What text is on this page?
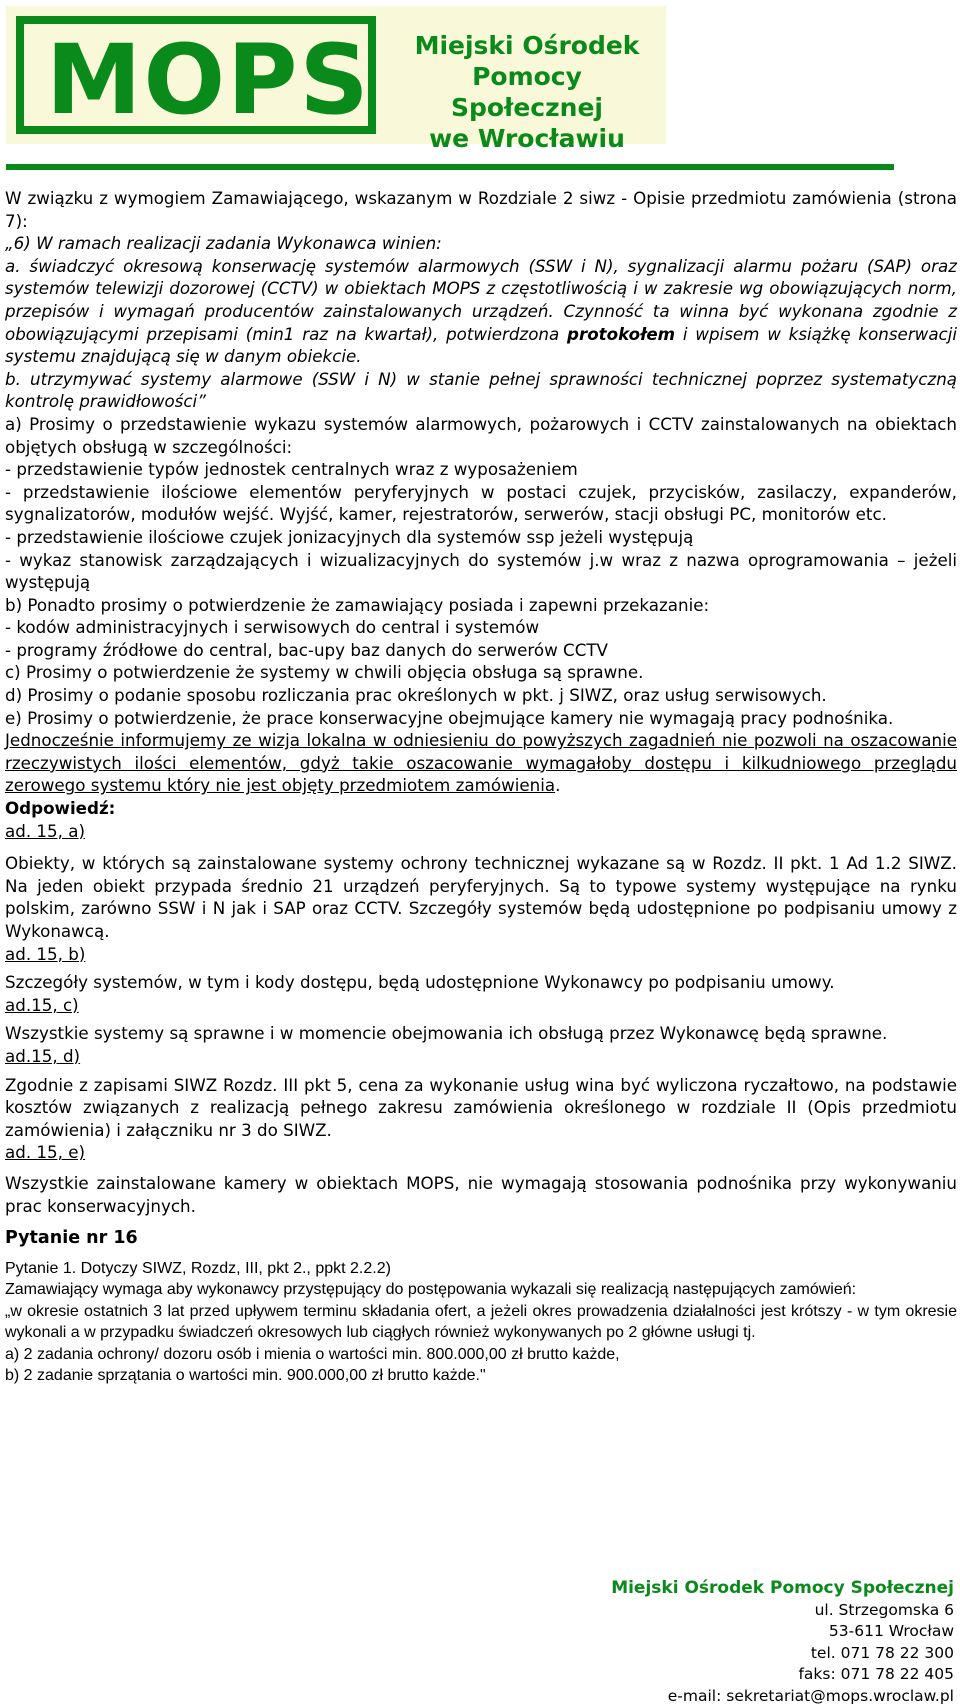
MOPS	Miejski Ośrodek
Pomocy Społecznej
we Wrocławiu

W związku z wymogiem Zamawiającego, wskazanym w Rozdziale 2 siwz - Opisie przedmiotu zamówienia (strona 7):

„6) W ramach realizacji zadania Wykonawca winien:

a. świadczyć okresową konserwację systemów alarmowych (SSW i N), sygnalizacji alarmu pożaru (SAP) oraz systemów telewizji dozorowej (CCTV) w obiektach MOPS z częstotliwością i w zakresie wg obowiązujących norm, przepisów i wymagań producentów zainstalowanych urządzeń. Czynność ta winna być wykonana zgodnie z obowiązującymi przepisami (min1 raz na kwartał), potwierdzona protokołem i wpisem w książkę konserwacji systemu znajdującą się w danym obiekcie.

b. utrzymywać systemy alarmowe (SSW i N) w stanie pełnej sprawności technicznej poprzez systematyczną kontrolę prawidłowości”

a) Prosimy o przedstawienie wykazu systemów alarmowych, pożarowych i CCTV zainstalowanych na obiektach objętych obsługą w szczególności:

- przedstawienie typów jednostek centralnych wraz z wyposażeniem

- przedstawienie ilościowe elementów peryferyjnych w postaci czujek, przycisków, zasilaczy, expanderów, sygnalizatorów, modułów wejść. Wyjść, kamer, rejestratorów, serwerów, stacji obsługi PC, monitorów etc.

- przedstawienie ilościowe czujek jonizacyjnych dla systemów ssp jeżeli występują

- wykaz stanowisk zarządzających i wizualizacyjnych do systemów j.w wraz z nazwa oprogramowania – jeżeli występują

b) Ponadto prosimy o potwierdzenie że zamawiający posiada i zapewni przekazanie:

- kodów administracyjnych i serwisowych do central i systemów

- programy źródłowe do central, bac-upy baz danych do serwerów CCTV

c) Prosimy o potwierdzenie że systemy w chwili objęcia obsługa są sprawne.

d) Prosimy o podanie sposobu rozliczania prac określonych w pkt. j SIWZ, oraz usług serwisowych.

e) Prosimy o potwierdzenie, że prace konserwacyjne obejmujące kamery nie wymagają pracy podnośnika.

Jednocześnie informujemy ze wizja lokalna w odniesieniu do powyższych zagadnień nie pozwoli na oszacowanie rzeczywistych ilości elementów, gdyż takie oszacowanie wymagałoby dostępu i kilkudniowego przeglądu zerowego systemu który nie jest objęty przedmiotem zamówienia.

Odpowiedź:

ad. 15, a)

Obiekty, w których są zainstalowane systemy ochrony technicznej wykazane są w Rozdz. II pkt. 1 Ad 1.2 SIWZ. Na jeden obiekt przypada średnio 21 urządzeń peryferyjnych. Są to typowe systemy występujące na rynku polskim, zarówno SSW i N jak i SAP oraz CCTV. Szczegóły systemów będą udostępnione po podpisaniu umowy z Wykonawcą.

ad. 15, b)

Szczegóły systemów, w tym i kody dostępu, będą udostępnione Wykonawcy po podpisaniu umowy.

ad.15, c)

Wszystkie systemy są sprawne i w momencie obejmowania ich obsługą przez Wykonawcę będą sprawne.

ad.15, d)

Zgodnie z zapisami SIWZ Rozdz. III pkt 5, cena za wykonanie usług wina być wyliczona ryczałtowo, na podstawie kosztów związanych z realizacją pełnego zakresu zamówienia określonego w rozdziale II (Opis przedmiotu zamówienia) i załączniku nr 3 do SIWZ.

ad. 15, e)

Wszystkie zainstalowane kamery w obiektach MOPS, nie wymagają stosowania podnośnika przy wykonywaniu prac konserwacyjnych.

Pytanie nr 16

Pytanie 1. Dotyczy SIWZ, Rozdz, III, pkt 2., ppkt 2.2.2)

Zamawiający wymaga aby wykonawcy przystępujący do postępowania wykazali się realizacją następujących zamówień:

„w okresie ostatnich 3 lat przed upływem terminu składania ofert, a jeżeli okres prowadzenia działalności jest krótszy - w tym okresie wykonali a w przypadku świadczeń okresowych lub ciągłych również wykonywanych po 2 główne usługi tj.

a) 2 zadania ochrony/ dozoru osób i mienia o wartości min. 800.000,00 zł brutto każde,

b) 2 zadanie sprzątania o wartości min. 900.000,00 zł brutto każde."

Miejski Ośrodek Pomocy Społecznej
ul. Strzegomska 6
53-611 Wrocław
tel. 071 78 22 300
faks: 071 78 22 405
e-mail: sekretariat@mops.wroclaw.pl
